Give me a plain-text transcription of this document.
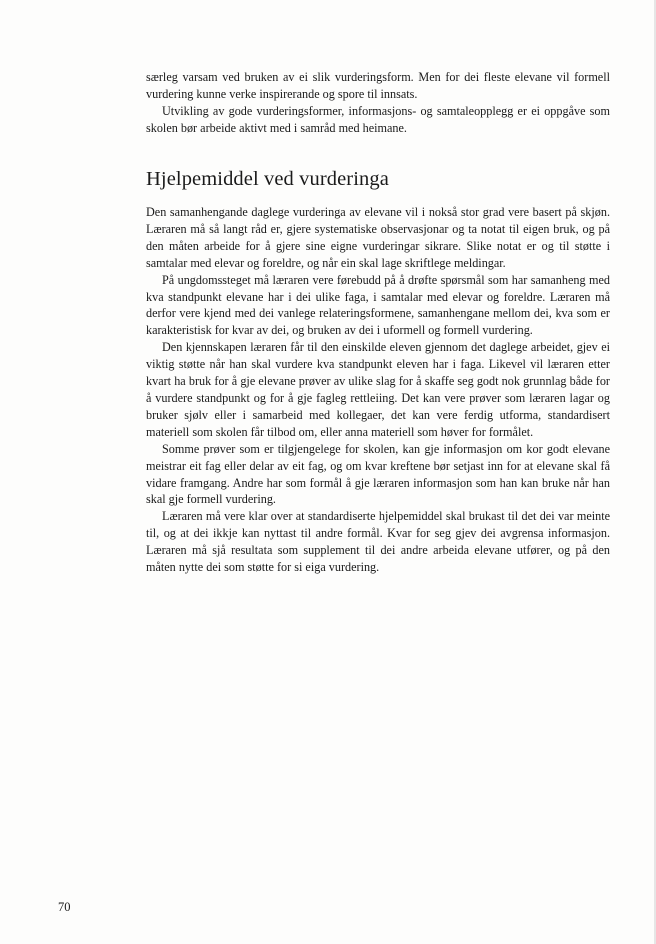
særleg varsam ved bruken av ei slik vurderingsform. Men for dei fleste elevane vil formell vurdering kunne verke inspirerande og spore til innsats.

Utvikling av gode vurderingsformer, informasjons- og samtaleopplegg er ei oppgåve som skolen bør arbeide aktivt med i samråd med heimane.

Hjelpemiddel ved vurderinga

Den samanhengande daglege vurderinga av elevane vil i nokså stor grad vere basert på skjøn. Læraren må så langt råd er, gjere systematiske observasjonar og ta notat til eigen bruk, og på den måten arbeide for å gjere sine eigne vurderingar sikrare. Slike notat er og til støtte i samtalar med elevar og foreldre, og når ein skal lage skriftlege meldingar.

På ungdomssteget må læraren vere førebudd på å drøfte spørsmål som har samanheng med kva standpunkt elevane har i dei ulike faga, i samtalar med elevar og foreldre. Læraren må derfor vere kjend med dei vanlege relateringsformene, samanhengane mellom dei, kva som er karakteristisk for kvar av dei, og bruken av dei i uformell og formell vurdering.

Den kjennskapen læraren får til den einskilde eleven gjennom det daglege arbeidet, gjev ei viktig støtte når han skal vurdere kva standpunkt eleven har i faga. Likevel vil læraren etter kvart ha bruk for å gje elevane prøver av ulike slag for å skaffe seg godt nok grunnlag både for å vurdere standpunkt og for å gje fagleg rettleiing. Det kan vere prøver som læraren lagar og bruker sjølv eller i samarbeid med kollegaer, det kan vere ferdig utforma, standardisert materiell som skolen får tilbod om, eller anna materiell som høver for formålet.

Somme prøver som er tilgjengelege for skolen, kan gje informasjon om kor godt elevane meistrar eit fag eller delar av eit fag, og om kvar kreftene bør setjast inn for at elevane skal få vidare framgang. Andre har som formål å gje læraren informasjon som han kan bruke når han skal gje formell vurdering.

Læraren må vere klar over at standardiserte hjelpemiddel skal brukast til det dei var meinte til, og at dei ikkje kan nyttast til andre formål. Kvar for seg gjev dei avgrensa informasjon. Læraren må sjå resultata som supplement til dei andre arbeida elevane utfører, og på den måten nytte dei som støtte for si eiga vurdering.

70
